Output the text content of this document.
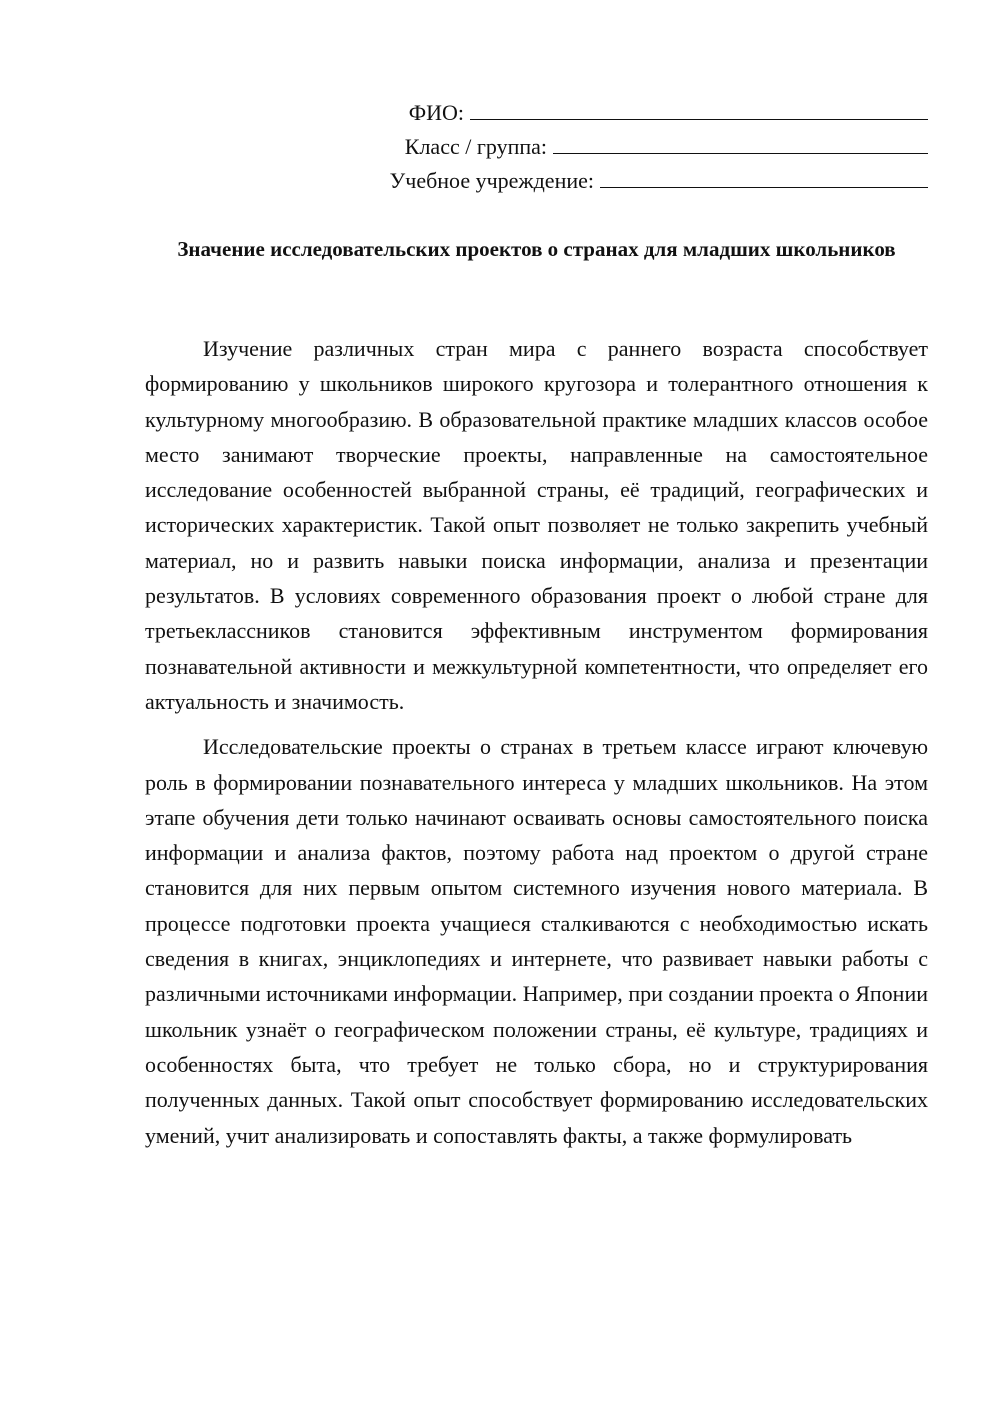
ФИО:
Класс / группа:
Учебное учреждение:
Значение исследовательских проектов о странах для младших школьников

Изучение различных стран мира с раннего возраста способствует формированию у школьников широкого кругозора и толерантного отношения к культурному многообразию. В образовательной практике младших классов особое место занимают творческие проекты, направленные на самостоятельное исследование особенностей выбранной страны, её традиций, географических и исторических характеристик. Такой опыт позволяет не только закрепить учебный материал, но и развить навыки поиска информации, анализа и презентации результатов. В условиях современного образования проект о любой стране для третьеклассников становится эффективным инструментом формирования познавательной активности и межкультурной компетентности, что определяет его актуальность и значимость.

Исследовательские проекты о странах в третьем классе играют ключевую роль в формировании познавательного интереса у младших школьников. На этом этапе обучения дети только начинают осваивать основы самостоятельного поиска информации и анализа фактов, поэтому работа над проектом о другой стране становится для них первым опытом системного изучения нового материала. В процессе подготовки проекта учащиеся сталкиваются с необходимостью искать сведения в книгах, энциклопедиях и интернете, что развивает навыки работы с различными источниками информации. Например, при создании проекта о Японии школьник узнаёт о географическом положении страны, её культуре, традициях и особенностях быта, что требует не только сбора, но и структурирования полученных данных. Такой опыт способствует формированию исследовательских умений, учит анализировать и сопоставлять факты, а также формулировать
